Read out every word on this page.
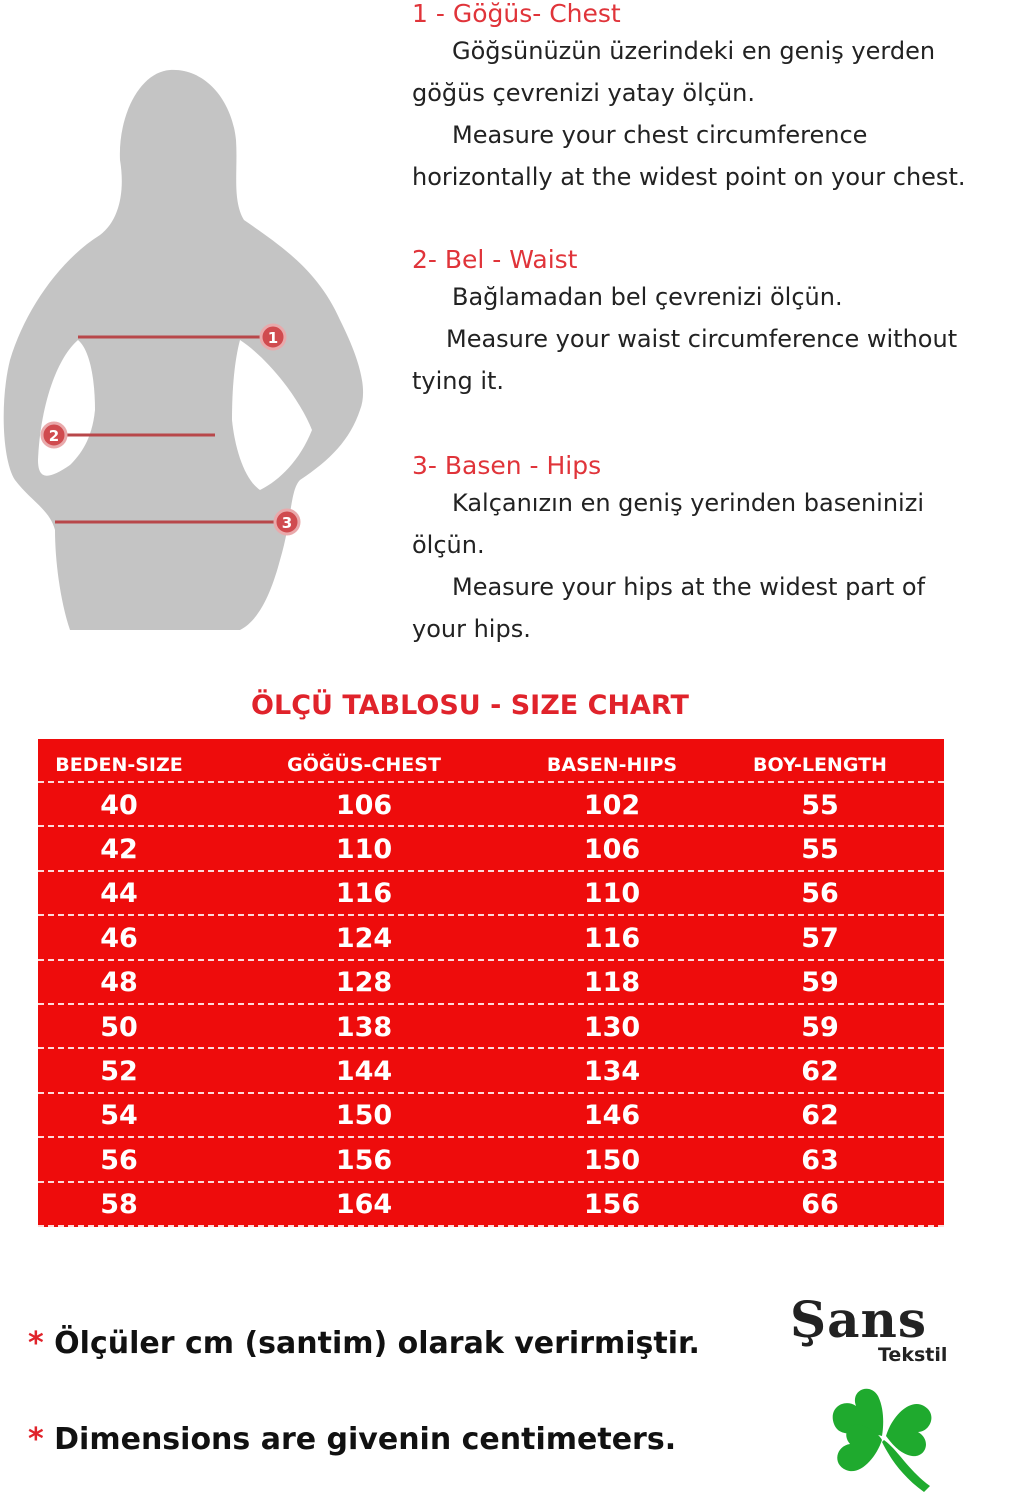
1
2
3

1 - Göğüs- Chest

Göğsünüzün üzerindeki en geniş yerden

göğüs çevrenizi yatay ölçün.

Measure your chest circumference

horizontally at the widest point on your chest.

2- Bel - Waist

Bağlamadan bel çevrenizi ölçün.

Measure your waist circumference without

tying it.

3- Basen - Hips

Kalçanızın en geniş yerinden baseninizi

ölçün.

Measure your hips at the widest part of

your hips.

ÖLÇÜ TABLOSU - SIZE CHART
BEDEN-SIZE	GÖĞÜS-CHEST	BASEN-HIPS	BOY-LENGTH
40	106	102	55
42	110	106	55
44	116	110	56
46	124	116	57
48	128	118	59
50	138	130	59
52	144	134	62
54	150	146	62
56	156	150	63
58	164	156	66
* Ölçüler cm (santim) olarak verirmiştir.
* Dimensions are givenin centimeters.
Şans
Tekstil
